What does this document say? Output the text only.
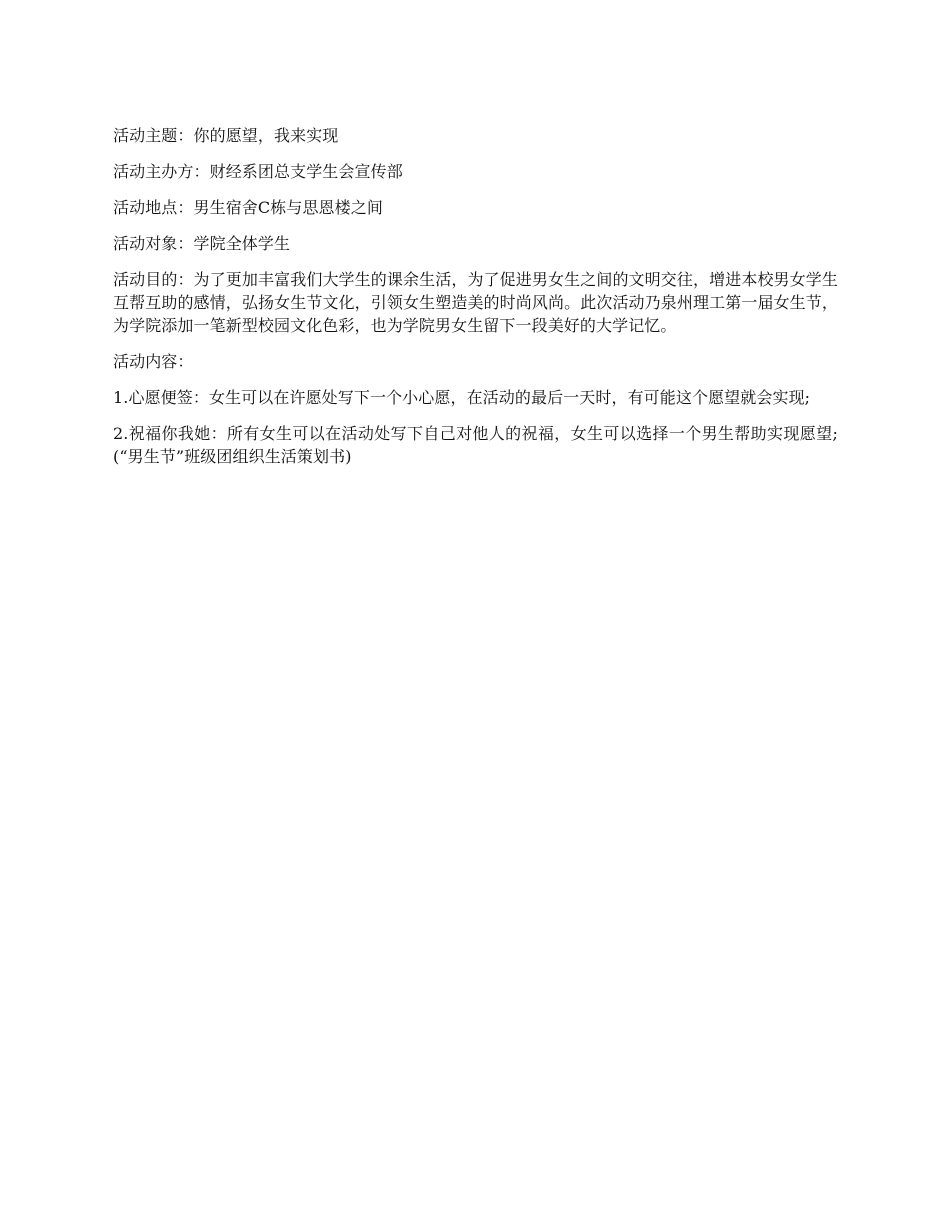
活动主题：你的愿望，我来实现

活动主办方：财经系团总支学生会宣传部

活动地点：男生宿舍C栋与思恩楼之间

活动对象：学院全体学生

活动目的：为了更加丰富我们大学生的课余生活，为了促进男女生之间的文明交往，增进本校男女学生互帮互助的感情，弘扬女生节文化，引领女生塑造美的时尚风尚。此次活动乃泉州理工第一届女生节，为学院添加一笔新型校园文化色彩，也为学院男女生留下一段美好的大学记忆。

活动内容：

1.心愿便签：女生可以在许愿处写下一个小心愿，在活动的最后一天时，有可能这个愿望就会实现;

2.祝福你我她：所有女生可以在活动处写下自己对他人的祝福，女生可以选择一个男生帮助实现愿望;(“男生节”班级团组织生活策划书)
